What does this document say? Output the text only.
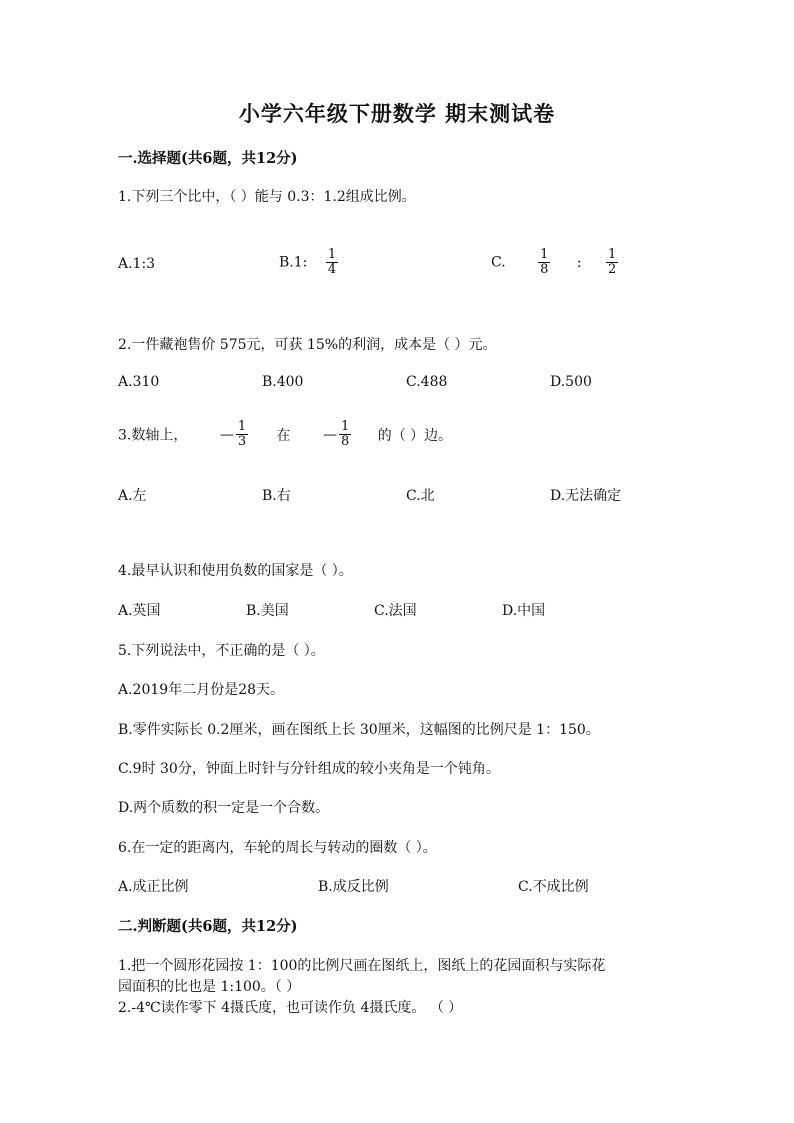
小学六年级下册数学 期末测试卷
一.选择题(共6题，共12分)
1.下列三个比中，（ ）能与 0.3：1.2组成比例。
A.1:3	B.1: $\frac{1}{4}$	C. $\frac{1}{8}$ : $\frac{1}{2}$
2.一件藏袍售价 575元，可获 15%的利润，成本是（ ）元。
A.310	B.400	C.488	D.500
3.数轴上， — $\frac{1}{3}$ 在 — $\frac{1}{8}$ 的（ ）边。
A.左	B.右	C.北	D.无法确定
4.最早认识和使用负数的国家是（ ）。
A.英国	B.美国	C.法国	D.中国
5.下列说法中，不正确的是（ ）。
A.2019年二月份是28天。
B.零件实际长 0.2厘米，画在图纸上长 30厘米，这幅图的比例尺是 1：150。
C.9时 30分，钟面上时针与分针组成的较小夹角是一个钝角。
D.两个质数的积一定是一个合数。
6.在一定的距离内，车轮的周长与转动的圈数（ ）。
A.成正比例	B.成反比例	C.不成比例
二.判断题(共6题，共12分)
1.把一个圆形花园按 1：100的比例尺画在图纸上，图纸上的花园面积与实际花
园面积的比也是 1:100。（ ）
2.-4℃读作零下 4摄氏度，也可读作负 4摄氏度。 （ ）
